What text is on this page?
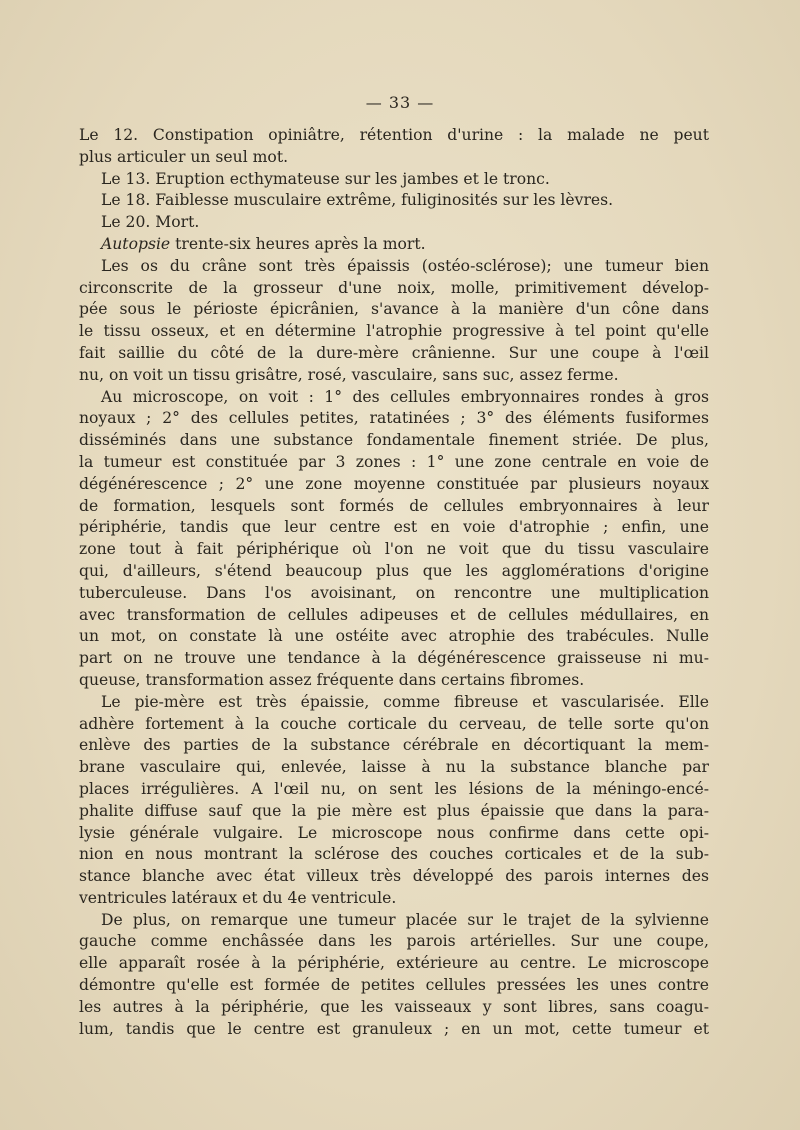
— 33 —
Le 12. Constipation opiniâtre, rétention d'urine : la malade ne peut
plus articuler un seul mot.
Le 13. Eruption ecthymateuse sur les jambes et le tronc.
Le 18. Faiblesse musculaire extrême, fuliginosités sur les lèvres.
Le 20. Mort.
Autopsie trente-six heures après la mort.
Les os du crâne sont très épaissis (ostéo-sclérose); une tumeur bien
circonscrite de la grosseur d'une noix, molle, primitivement dévelop-
pée sous le périoste épicrânien, s'avance à la manière d'un cône dans
le tissu osseux, et en détermine l'atrophie progressive à tel point qu'elle
fait saillie du côté de la dure-mère crânienne. Sur une coupe à l'œil
nu, on voit un tissu grisâtre, rosé, vasculaire, sans suc, assez ferme.
Au microscope, on voit : 1° des cellules embryonnaires rondes à gros
noyaux ; 2° des cellules petites, ratatinées ; 3° des éléments fusiformes
disséminés dans une substance fondamentale finement striée. De plus,
la tumeur est constituée par 3 zones : 1° une zone centrale en voie de
dégénérescence ; 2° une zone moyenne constituée par plusieurs noyaux
de formation, lesquels sont formés de cellules embryonnaires à leur
périphérie, tandis que leur centre est en voie d'atrophie ; enfin, une
zone tout à fait périphérique où l'on ne voit que du tissu vasculaire
qui, d'ailleurs, s'étend beaucoup plus que les agglomérations d'origine
tuberculeuse. Dans l'os avoisinant, on rencontre une multiplication
avec transformation de cellules adipeuses et de cellules médullaires, en
un mot, on constate là une ostéite avec atrophie des trabécules. Nulle
part on ne trouve une tendance à la dégénérescence graisseuse ni mu-
queuse, transformation assez fréquente dans certains fibromes.
Le pie-mère est très épaissie, comme fibreuse et vascularisée. Elle
adhère fortement à la couche corticale du cerveau, de telle sorte qu'on
enlève des parties de la substance cérébrale en décortiquant la mem-
brane vasculaire qui, enlevée, laisse à nu la substance blanche par
places irrégulières. A l'œil nu, on sent les lésions de la méningo-encé-
phalite diffuse sauf que la pie mère est plus épaissie que dans la para-
lysie générale vulgaire. Le microscope nous confirme dans cette opi-
nion en nous montrant la sclérose des couches corticales et de la sub-
stance blanche avec état villeux très développé des parois internes des
ventricules latéraux et du 4e ventricule.
De plus, on remarque une tumeur placée sur le trajet de la sylvienne
gauche comme enchâssée dans les parois artérielles. Sur une coupe,
elle apparaît rosée à la périphérie, extérieure au centre. Le microscope
démontre qu'elle est formée de petites cellules pressées les unes contre
les autres à la périphérie, que les vaisseaux y sont libres, sans coagu-
lum, tandis que le centre est granuleux ; en un mot, cette tumeur et
